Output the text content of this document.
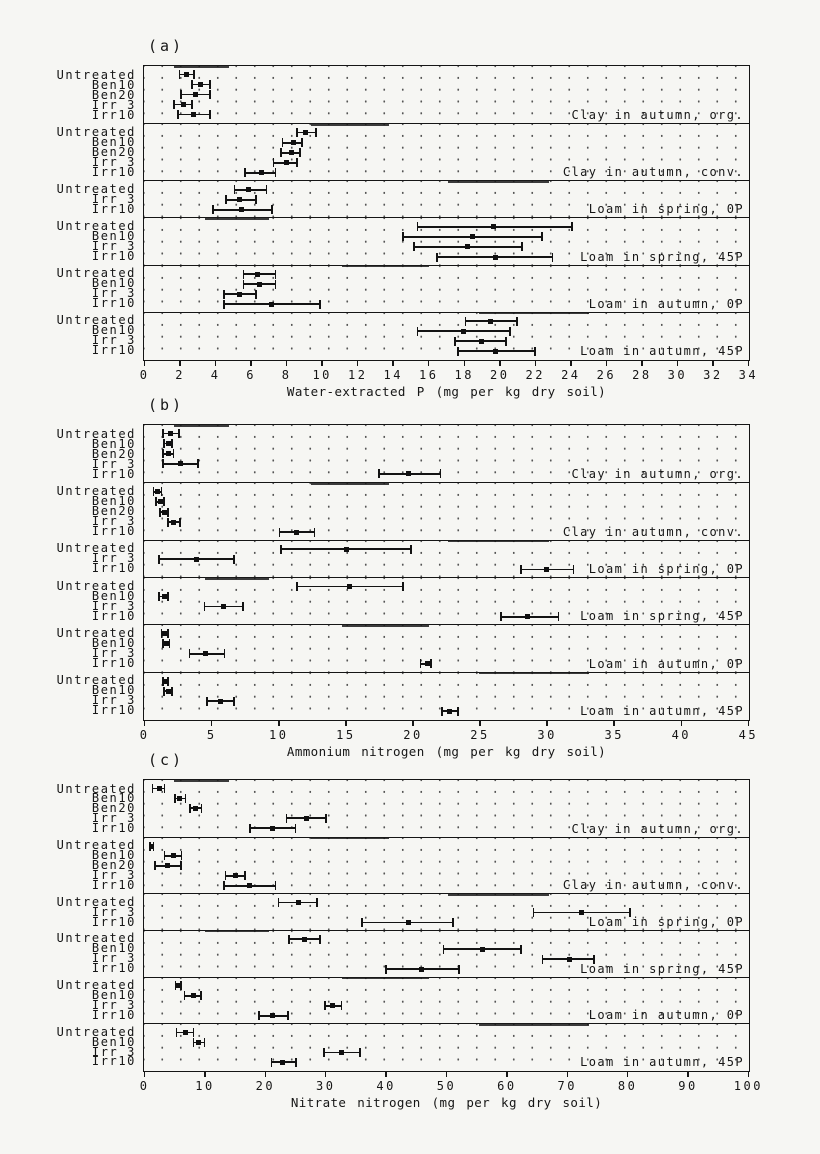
(a)
Clay in autumn, org.
Clay in autumn, conv.
Loam in spring, 0P
Loam in spring, 45P
Loam in autumn, 0P
Loam in autumn, 45P
Untreated
Ben10
Ben20
Irr 3
Irr10
Untreated
Ben10
Ben20
Irr 3
Irr10
Untreated
Irr 3
Irr10
Untreated
Ben10
Irr 3
Irr10
Untreated
Ben10
Irr 3
Irr10
Untreated
Ben10
Irr 3
Irr10
0	2	4	6	8	10	12	14	16	18	20	22	24	26	28	30	32	34
Water-extracted P (mg per kg dry soil)
(b)
Clay in autumn, org.
Clay in autumn, conv.
Loam in spring, 0P
Loam in spring, 45P
Loam in autumn, 0P
Loam in autumn, 45P
Untreated
Ben10
Ben20
Irr 3
Irr10
Untreated
Ben10
Ben20
Irr 3
Irr10
Untreated
Irr 3
Irr10
Untreated
Ben10
Irr 3
Irr10
Untreated
Ben10
Irr 3
Irr10
Untreated
Ben10
Irr 3
Irr10
0	5	10	15	20	25	30	35	40	45
Ammonium nitrogen (mg per kg dry soil)
(c)
Clay in autumn, org.
Clay in autumn, conv.
Loam in spring, 0P
Loam in spring, 45P
Loam in autumn, 0P
Loam in autumn, 45P
Untreated
Ben10
Ben20
Irr 3
Irr10
Untreated
Ben10
Ben20
Irr 3
Irr10
Untreated
Irr 3
Irr10
Untreated
Ben10
Irr 3
Irr10
Untreated
Ben10
Irr 3
Irr10
Untreated
Ben10
Irr 3
Irr10
0	10	20	30	40	50	60	70	80	90	100
Nitrate nitrogen (mg per kg dry soil)
